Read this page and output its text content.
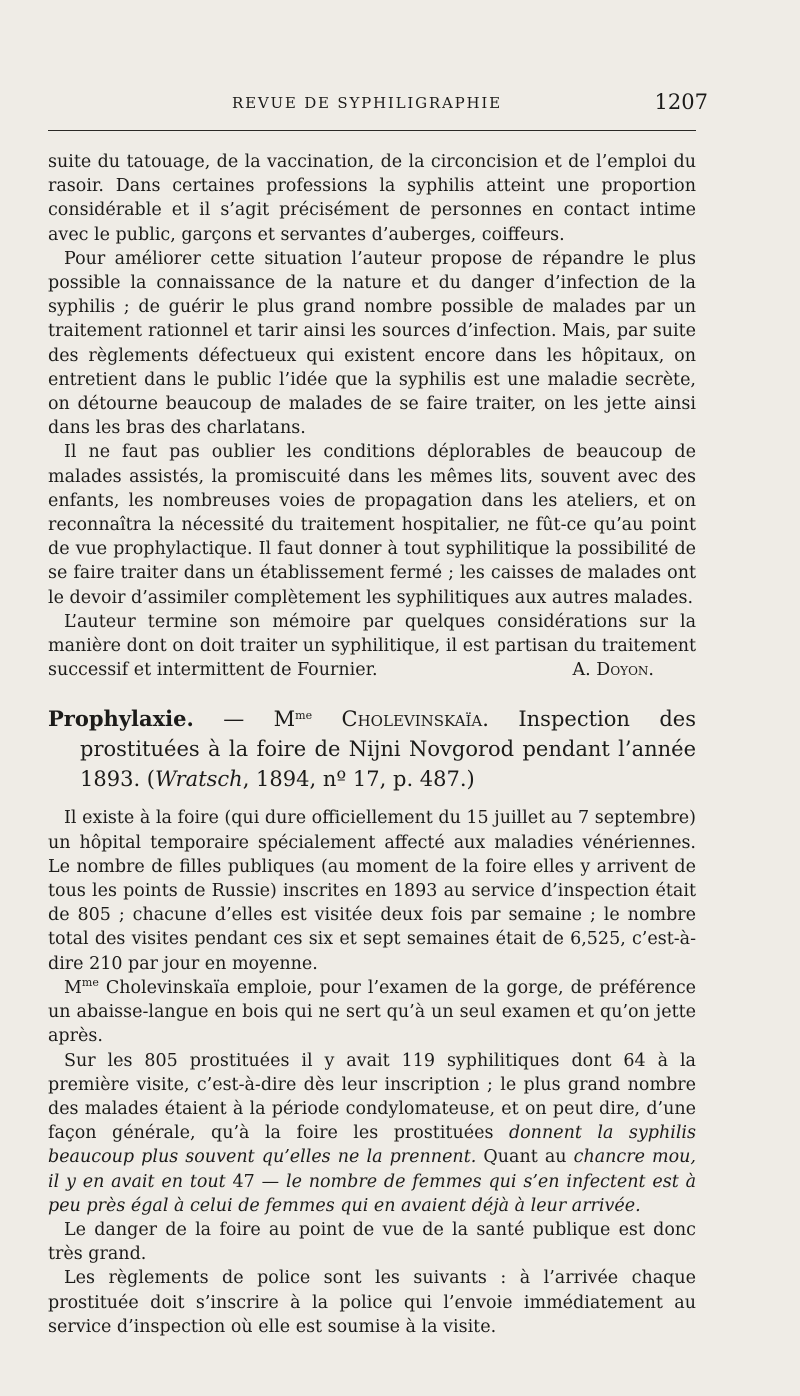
REVUE DE SYPHILIGRAPHIE	1207

suite du tatouage, de la vaccination, de la circoncision et de l’emploi du rasoir. Dans certaines professions la syphilis atteint une proportion considérable et il s’agit précisément de personnes en contact intime avec le public, garçons et servantes d’auberges, coiffeurs.

Pour améliorer cette situation l’auteur propose de répandre le plus possible la connaissance de la nature et du danger d’infection de la syphilis ; de guérir le plus grand nombre possible de malades par un traitement rationnel et tarir ainsi les sources d’infection. Mais, par suite des règlements défectueux qui existent encore dans les hôpitaux, on entretient dans le public l’idée que la syphilis est une maladie secrète, on détourne beaucoup de malades de se faire traiter, on les jette ainsi dans les bras des charlatans.

Il ne faut pas oublier les conditions déplorables de beaucoup de malades assistés, la promiscuité dans les mêmes lits, souvent avec des enfants, les nombreuses voies de propagation dans les ateliers, et on reconnaîtra la nécessité du traitement hospitalier, ne fût-ce qu’au point de vue prophylactique. Il faut donner à tout syphilitique la possibilité de se faire traiter dans un établissement fermé ; les caisses de malades ont le devoir d’assimiler complètement les syphilitiques aux autres malades.

L’auteur termine son mémoire par quelques considérations sur la manière dont on doit traiter un syphilitique, il est partisan du traitement successif et intermittent de Fournier.	A. Doyon.

Prophylaxie. — $M^{me}$ Cholevinskaïa. Inspection des prostituées à la foire de Nijni Novgorod pendant l’année 1893. (Wratsch, 1894, nº 17, p. 487.)

Il existe à la foire (qui dure officiellement du 15 juillet au 7 septembre) un hôpital temporaire spécialement affecté aux maladies vénériennes. Le nombre de filles publiques (au moment de la foire elles y arrivent de tous les points de Russie) inscrites en 1893 au service d’inspection était de 805 ; chacune d’elles est visitée deux fois par semaine ; le nombre total des visites pendant ces six et sept semaines était de 6,525, c’est-à-dire 210 par jour en moyenne.

$M^{me}$ Cholevinskaïa emploie, pour l’examen de la gorge, de préférence un abaisse-langue en bois qui ne sert qu’à un seul examen et qu’on jette après.

Sur les 805 prostituées il y avait 119 syphilitiques dont 64 à la première visite, c’est-à-dire dès leur inscription ; le plus grand nombre des malades étaient à la période condylomateuse, et on peut dire, d’une façon générale, qu’à la foire les prostituées donnent la syphilis beaucoup plus souvent qu’elles ne la prennent. Quant au chancre mou, il y en avait en tout 47 — le nombre de femmes qui s’en infectent est à peu près égal à celui de femmes qui en avaient déjà à leur arrivée.

Le danger de la foire au point de vue de la santé publique est donc très grand.

Les règlements de police sont les suivants : à l’arrivée chaque prostituée doit s’inscrire à la police qui l’envoie immédiatement au service d’inspection où elle est soumise à la visite.
